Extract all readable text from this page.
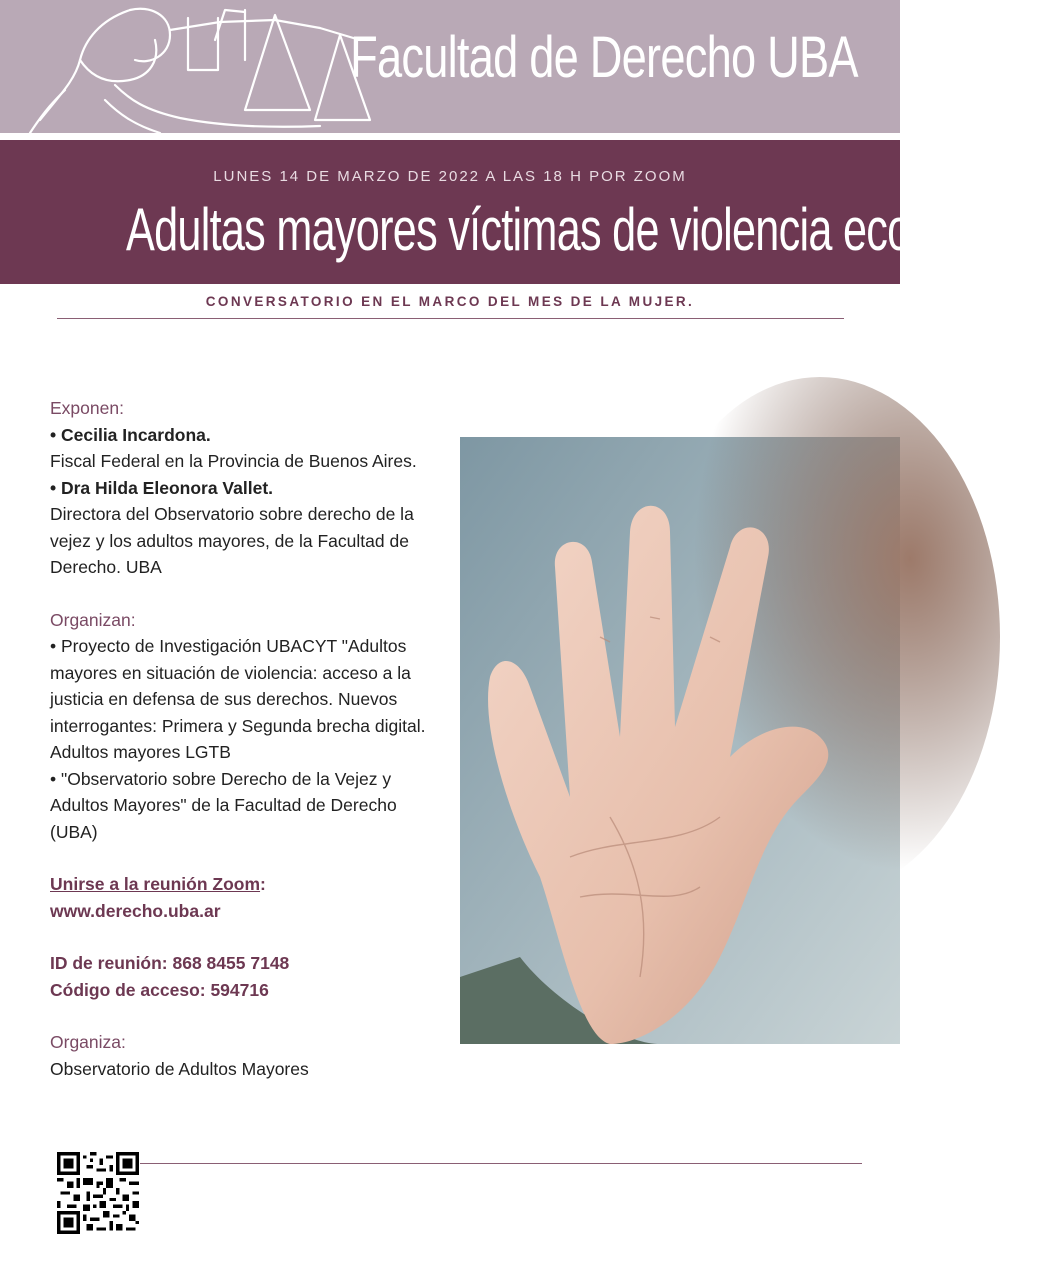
Facultad de Derecho UBA
LUNES 14 DE MARZO DE 2022 A LAS 18 H POR ZOOM
Adultas mayores víctimas de violencia económica
CONVERSATORIO EN EL MARCO DEL MES DE LA MUJER.
Exponen:
• Cecilia Incardona.
Fiscal Federal en la Provincia de Buenos Aires.
• Dra Hilda Eleonora Vallet.
Directora del Observatorio sobre derecho de la vejez y los adultos mayores, de la Facultad de Derecho. UBA
Organizan:
• Proyecto de Investigación UBACYT "Adultos mayores en situación de violencia: acceso a la justicia en defensa de sus derechos. Nuevos interrogantes: Primera y Segunda brecha digital. Adultos mayores LGTB
• "Observatorio sobre Derecho de la Vejez y Adultos Mayores" de la Facultad de Derecho (UBA)
Unirse a la reunión Zoom:
www.derecho.uba.ar
ID de reunión: 868 8455 7148
Código de acceso: 594716
Organiza:
Observatorio de Adultos Mayores
